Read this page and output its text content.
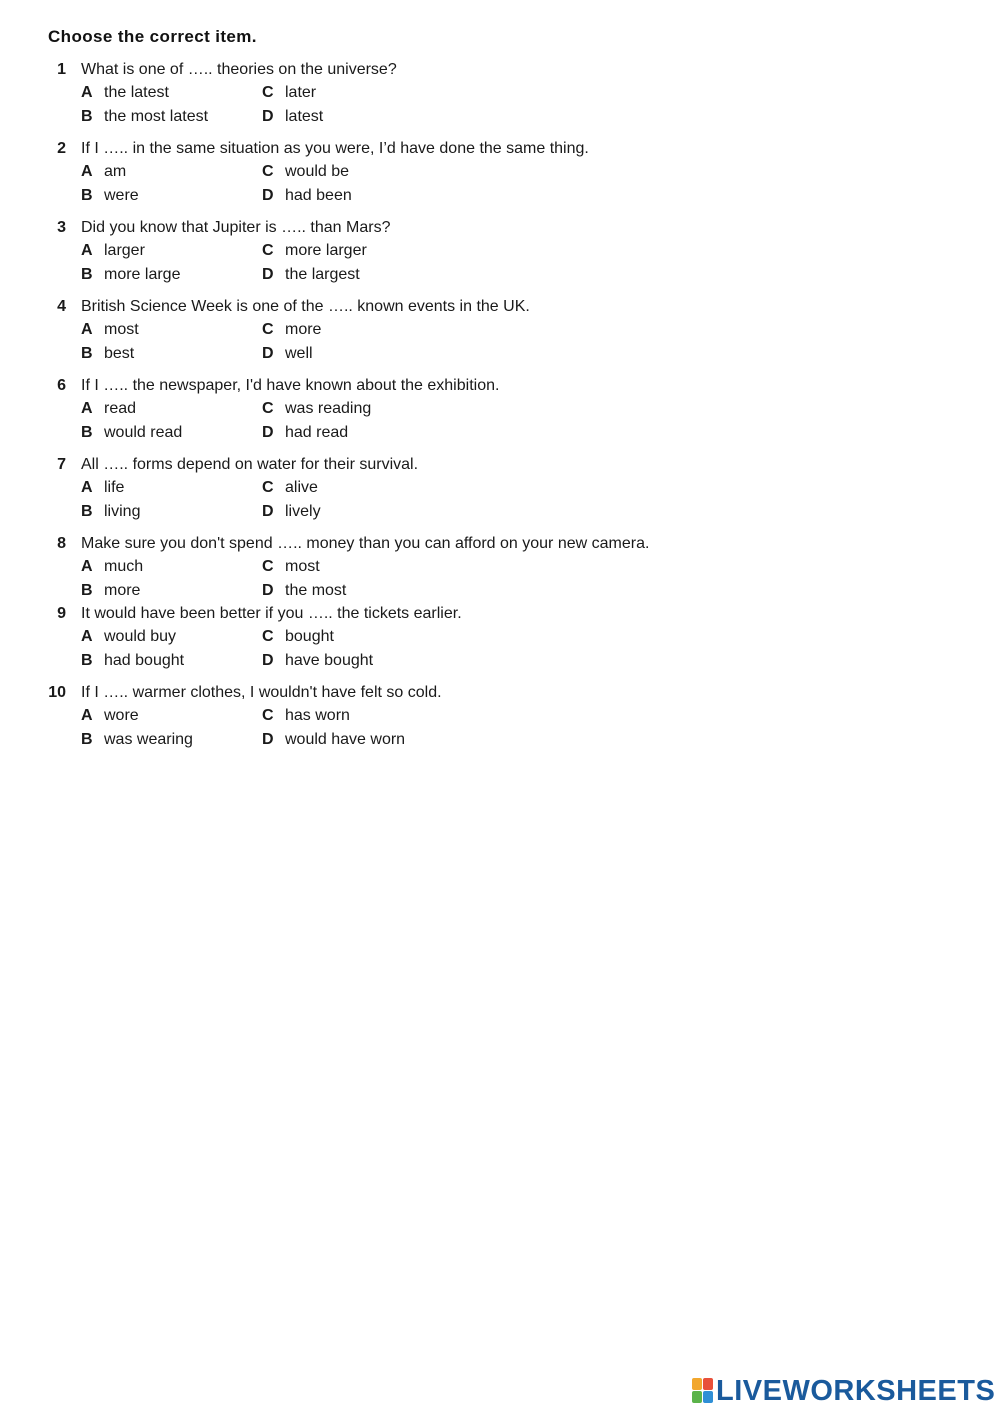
Choose the correct item.
1 What is one of ….. theories on the universe?
A the latest
B the most latest
C later
D latest
2 If I ….. in the same situation as you were, I’d have done the same thing.
A am
B were
C would be
D had been
3 Did you know that Jupiter is ….. than Mars?
A larger
B more large
C more larger
D the largest
4 British Science Week is one of the ….. known events in the UK.
A most
B best
C more
D well
6 If I ….. the newspaper, I'd have known about the exhibition.
A read
B would read
C was reading
D had read
7 All ….. forms depend on water for their survival.
A life
B living
C alive
D lively
8 Make sure you don't spend ….. money than you can afford on your new camera.
A much
B more
C most
D the most
9 It would have been better if you ….. the tickets earlier.
A would buy
B had bought
C bought
D have bought
10 If I ….. warmer clothes, I wouldn't have felt so cold.
A wore
B was wearing
C has worn
D would have worn
LIVEWORKSHEETS
